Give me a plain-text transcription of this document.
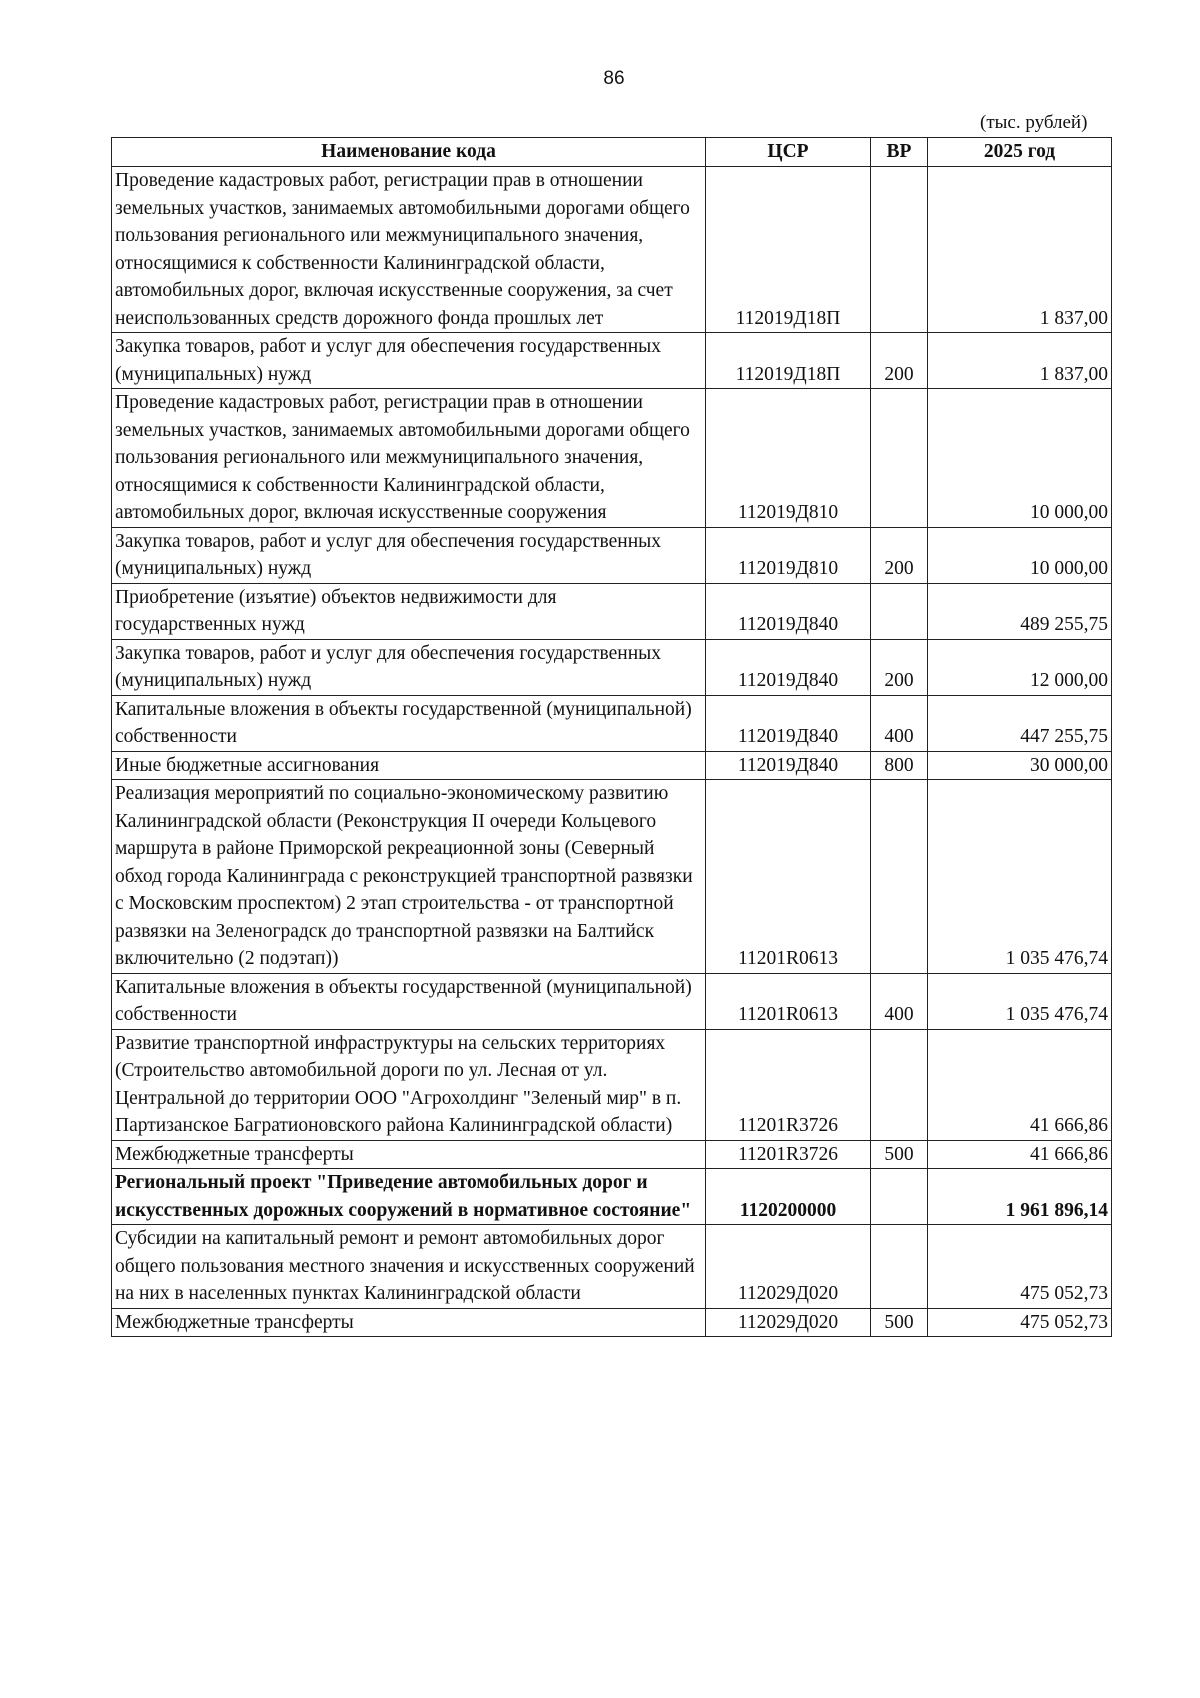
86
(тыс. рублей)
Наименование кода	ЦСР	ВР	2025 год
Проведение кадастровых работ, регистрации прав в отношении земельных участков, занимаемых автомобильными дорогами общего пользования регионального или межмуниципального значения, относящимися к собственности Калининградской области, автомобильных дорог, включая искусственные сооружения, за счет неиспользованных средств дорожного фонда прошлых лет	112019Д18П		1 837,00
Закупка товаров, работ и услуг для обеспечения государственных (муниципальных) нужд	112019Д18П	200	1 837,00
Проведение кадастровых работ, регистрации прав в отношении земельных участков, занимаемых автомобильными дорогами общего пользования регионального или межмуниципального значения, относящимися к собственности Калининградской области, автомобильных дорог, включая искусственные сооружения	112019Д810		10 000,00
Закупка товаров, работ и услуг для обеспечения государственных (муниципальных) нужд	112019Д810	200	10 000,00
Приобретение (изъятие) объектов недвижимости для государственных нужд	112019Д840		489 255,75
Закупка товаров, работ и услуг для обеспечения государственных (муниципальных) нужд	112019Д840	200	12 000,00
Капитальные вложения в объекты государственной (муниципальной) собственности	112019Д840	400	447 255,75
Иные бюджетные ассигнования	112019Д840	800	30 000,00
Реализация мероприятий по социально-экономическому развитию Калининградской области (Реконструкция II очереди Кольцевого маршрута в районе Приморской рекреационной зоны (Северный обход города Калининграда с реконструкцией транспортной развязки с Московским проспектом) 2 этап строительства - от транспортной развязки на Зеленоградск до транспортной развязки на Балтийск включительно (2 подэтап))	11201R0613		1 035 476,74
Капитальные вложения в объекты государственной (муниципальной) собственности	11201R0613	400	1 035 476,74
Развитие транспортной инфраструктуры на сельских территориях (Строительство автомобильной дороги по ул. Лесная от ул. Центральной до территории ООО "Агрохолдинг "Зеленый мир" в п. Партизанское Багратионовского района Калининградской области)	11201R3726		41 666,86
Межбюджетные трансферты	11201R3726	500	41 666,86
Региональный проект "Приведение автомобильных дорог и искусственных дорожных сооружений в нормативное состояние"	1120200000		1 961 896,14
Субсидии на капитальный ремонт и ремонт автомобильных дорог общего пользования местного значения и искусственных сооружений на них в населенных пунктах Калининградской области	112029Д020		475 052,73
Межбюджетные трансферты	112029Д020	500	475 052,73
